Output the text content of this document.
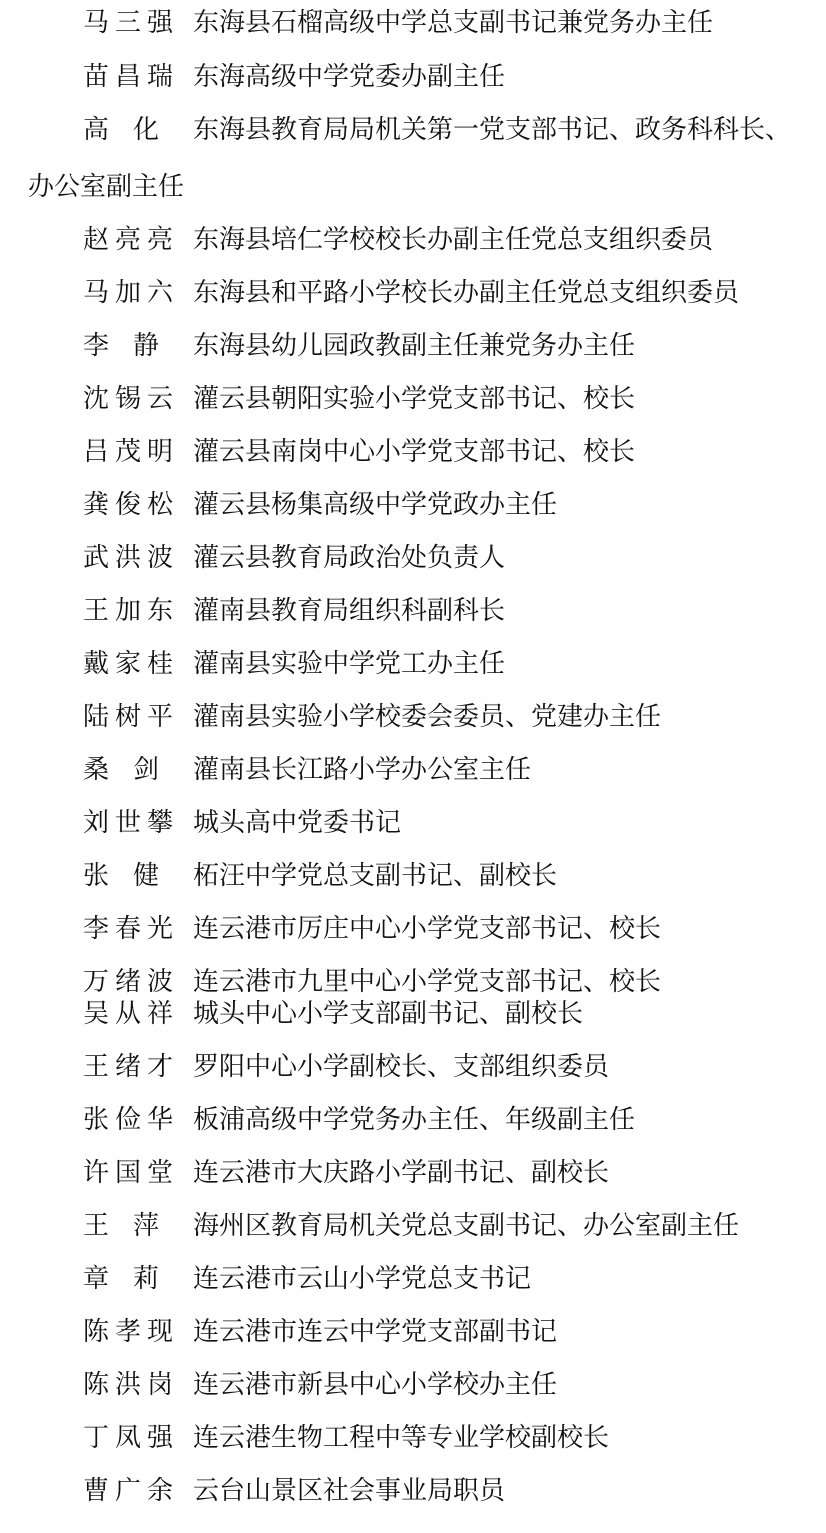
马 三 强 东海县石榴高级中学总支副书记兼党务办主任
苗 昌 瑞 东海高级中学党委办副主任
高 化 东海县教育局局机关第一党支部书记、政务科科长、
办公室副主任
赵 亮 亮 东海县培仁学校校长办副主任党总支组织委员
马 加 六 东海县和平路小学校长办副主任党总支组织委员
李 静 东海县幼儿园政教副主任兼党务办主任
沈 锡 云 灌云县朝阳实验小学党支部书记、校长
吕 茂 明 灌云县南岗中心小学党支部书记、校长
龚 俊 松 灌云县杨集高级中学党政办主任
武 洪 波 灌云县教育局政治处负责人
王 加 东 灌南县教育局组织科副科长
戴 家 桂 灌南县实验中学党工办主任
陆 树 平 灌南县实验小学校委会委员、党建办主任
桑 剑 灌南县长江路小学办公室主任
刘 世 攀 城头高中党委书记
张 健 柘汪中学党总支副书记、副校长
李 春 光 连云港市厉庄中心小学党支部书记、校长
万 绪 波 连云港市九里中心小学党支部书记、校长
吴 从 祥 城头中心小学支部副书记、副校长
王 绪 才 罗阳中心小学副校长、支部组织委员
张 俭 华 板浦高级中学党务办主任、年级副主任
许 国 堂 连云港市大庆路小学副书记、副校长
王 萍 海州区教育局机关党总支副书记、办公室副主任
章 莉 连云港市云山小学党总支书记
陈 孝 现 连云港市连云中学党支部副书记
陈 洪 岗 连云港市新县中心小学校办主任
丁 凤 强 连云港生物工程中等专业学校副校长
曹 广 余 云台山景区社会事业局职员
